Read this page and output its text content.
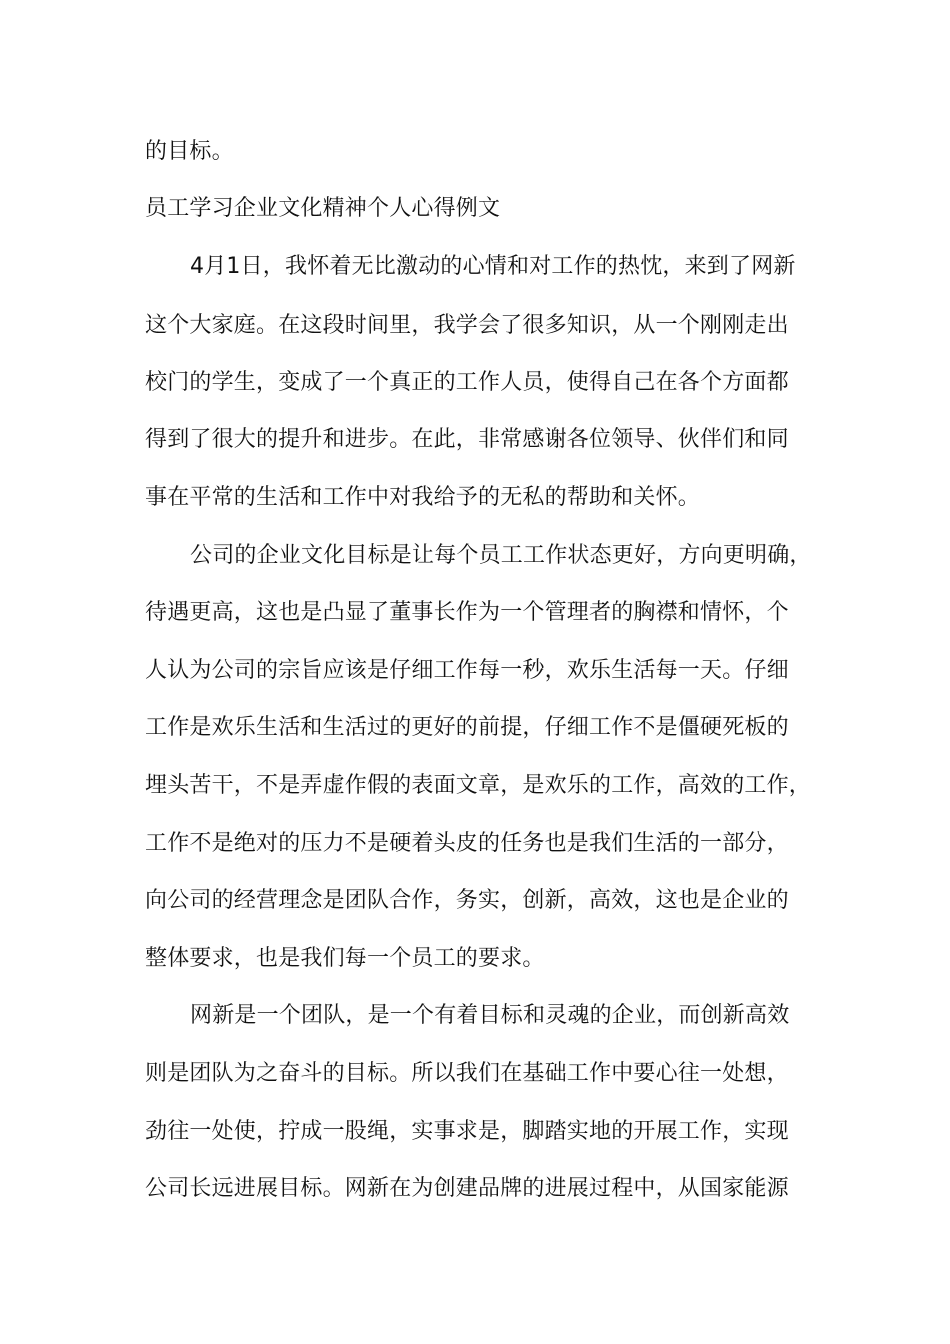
的目标。
员工学习企业文化精神个人心得例文
4月1日，我怀着无比激动的心情和对工作的热忱，来到了网新
这个大家庭。在这段时间里，我学会了很多知识，从一个刚刚走出
校门的学生，变成了一个真正的工作人员，使得自己在各个方面都
得到了很大的提升和进步。在此，非常感谢各位领导、伙伴们和同
事在平常的生活和工作中对我给予的无私的帮助和关怀。
公司的企业文化目标是让每个员工工作状态更好，方向更明确，
待遇更高，这也是凸显了董事长作为一个管理者的胸襟和情怀，个
人认为公司的宗旨应该是仔细工作每一秒，欢乐生活每一天。仔细
工作是欢乐生活和生活过的更好的前提，仔细工作不是僵硬死板的
埋头苦干，不是弄虚作假的表面文章，是欢乐的工作，高效的工作，
工作不是绝对的压力不是硬着头皮的任务也是我们生活的一部分，
向公司的经营理念是团队合作，务实，创新，高效，这也是企业的
整体要求，也是我们每一个员工的要求。
网新是一个团队，是一个有着目标和灵魂的企业，而创新高效
则是团队为之奋斗的目标。所以我们在基础工作中要心往一处想，
劲往一处使，拧成一股绳，实事求是，脚踏实地的开展工作，实现
公司长远进展目标。网新在为创建品牌的进展过程中，从国家能源
